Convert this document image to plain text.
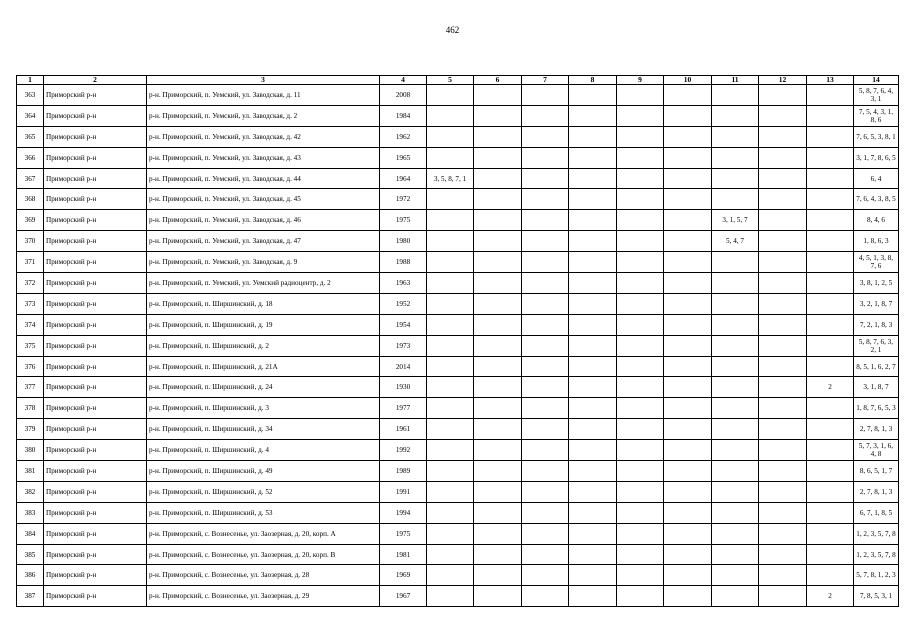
462
1	2	3	4	5	6	7	8	9	10	11	12	13	14
363	Приморский р-н	р-н. Приморский, п. Уемский, ул. Заводская, д. 11	2008										5, 8, 7, 6, 4, 3, 1
364	Приморский р-н	р-н. Приморский, п. Уемский, ул. Заводская, д. 2	1984										7, 5, 4, 3, 1, 8, 6
365	Приморский р-н	р-н. Приморский, п. Уемский, ул. Заводская, д. 42	1962										7, 6, 5, 3, 8, 1
366	Приморский р-н	р-н. Приморский, п. Уемский, ул. Заводская, д. 43	1965										3, 1, 7, 8, 6, 5
367	Приморский р-н	р-н. Приморский, п. Уемский, ул. Заводская, д. 44	1964	3, 5, 8, 7, 1									6, 4
368	Приморский р-н	р-н. Приморский, п. Уемский, ул. Заводская, д. 45	1972										7, 6, 4, 3, 8, 5
369	Приморский р-н	р-н. Приморский, п. Уемский, ул. Заводская, д. 46	1975							3, 1, 5, 7			8, 4, 6
370	Приморский р-н	р-н. Приморский, п. Уемский, ул. Заводская, д. 47	1980							5, 4, 7			1, 8, 6, 3
371	Приморский р-н	р-н. Приморский, п. Уемский, ул. Заводская, д. 9	1988										4, 5, 1, 3, 8, 7, 6
372	Приморский р-н	р-н. Приморский, п. Уемский, ул. Уемский радиоцентр, д. 2	1963										3, 8, 1, 2, 5
373	Приморский р-н	р-н. Приморский, п. Ширшинский, д. 18	1952										3, 2, 1, 8, 7
374	Приморский р-н	р-н. Приморский, п. Ширшинский, д. 19	1954										7, 2, 1, 8, 3
375	Приморский р-н	р-н. Приморский, п. Ширшинский, д. 2	1973										5, 8, 7, 6, 3, 2, 1
376	Приморский р-н	р-н. Приморский, п. Ширшинский, д. 21А	2014										8, 5, 1, 6, 2, 7
377	Приморский р-н	р-н. Приморский, п. Ширшинский, д. 24	1930									2	3, 1, 8, 7
378	Приморский р-н	р-н. Приморский, п. Ширшинский, д. 3	1977										1, 8, 7, 6, 5, 3
379	Приморский р-н	р-н. Приморский, п. Ширшинский, д. 34	1961										2, 7, 8, 1, 3
380	Приморский р-н	р-н. Приморский, п. Ширшинский, д. 4	1992										5, 7, 3, 1, 6, 4, 8
381	Приморский р-н	р-н. Приморский, п. Ширшинский, д. 49	1989										8, 6, 5, 1, 7
382	Приморский р-н	р-н. Приморский, п. Ширшинский, д. 52	1991										2, 7, 8, 1, 3
383	Приморский р-н	р-н. Приморский, п. Ширшинский, д. 53	1994										6, 7, 1, 8, 5
384	Приморский р-н	р-н. Приморский, с. Вознесенье, ул. Заозерная, д. 20, корп. А	1975										1, 2, 3, 5, 7, 8
385	Приморский р-н	р-н. Приморский, с. Вознесенье, ул. Заозерная, д. 20, корп. В	1981										1, 2, 3, 5, 7, 8
386	Приморский р-н	р-н. Приморский, с. Вознесенье, ул. Заозерная, д. 28	1969										5, 7, 8, 1, 2, 3
387	Приморский р-н	р-н. Приморский, с. Вознесенье, ул. Заозерная, д. 29	1967									2	7, 8, 5, 3, 1
